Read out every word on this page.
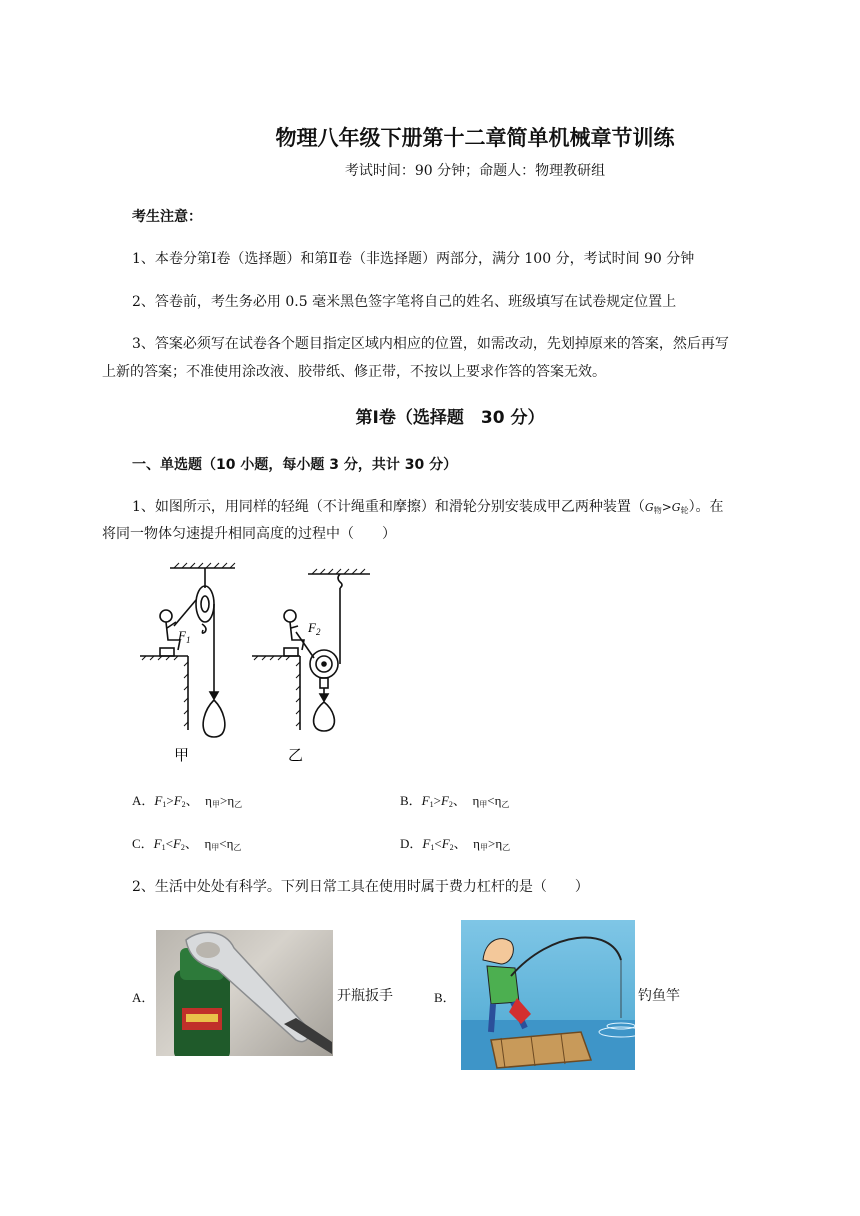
物理八年级下册第十二章简单机械章节训练
考试时间：90 分钟；命题人：物理教研组
考生注意：
1、本卷分第Ⅰ卷（选择题）和第Ⅱ卷（非选择题）两部分，满分 100 分，考试时间 90 分钟
2、答卷前，考生务必用 0.5 毫米黑色签字笔将自己的姓名、班级填写在试卷规定位置上
3、答案必须写在试卷各个题目指定区域内相应的位置，如需改动，先划掉原来的答案，然后再写
上新的答案；不准使用涂改液、胶带纸、修正带，不按以上要求作答的答案无效。
第Ⅰ卷（选择题　30 分）
一、单选题（10 小题，每小题 3 分，共计 30 分）
1、如图所示，用同样的轻绳（不计绳重和摩擦）和滑轮分别安装成甲乙两种装置$(G_物>G_轮)$。在
将同一物体匀速提升相同高度的过程中（　　）
$F_1$
$F_2$
甲	乙
A．$F_1>F_2$、 $\eta_甲>\eta_乙$	B．$F_1>F_2$、 $\eta_甲<\eta_乙$
C．$F_1<F_2$、 $\eta_甲<\eta_乙$	D．$F_1<F_2$、 $\eta_甲>\eta_乙$
2、生活中处处有科学。下列日常工具在使用时属于费力杠杆的是（　　）
A．	开瓶扳手	B．	钓鱼竿
